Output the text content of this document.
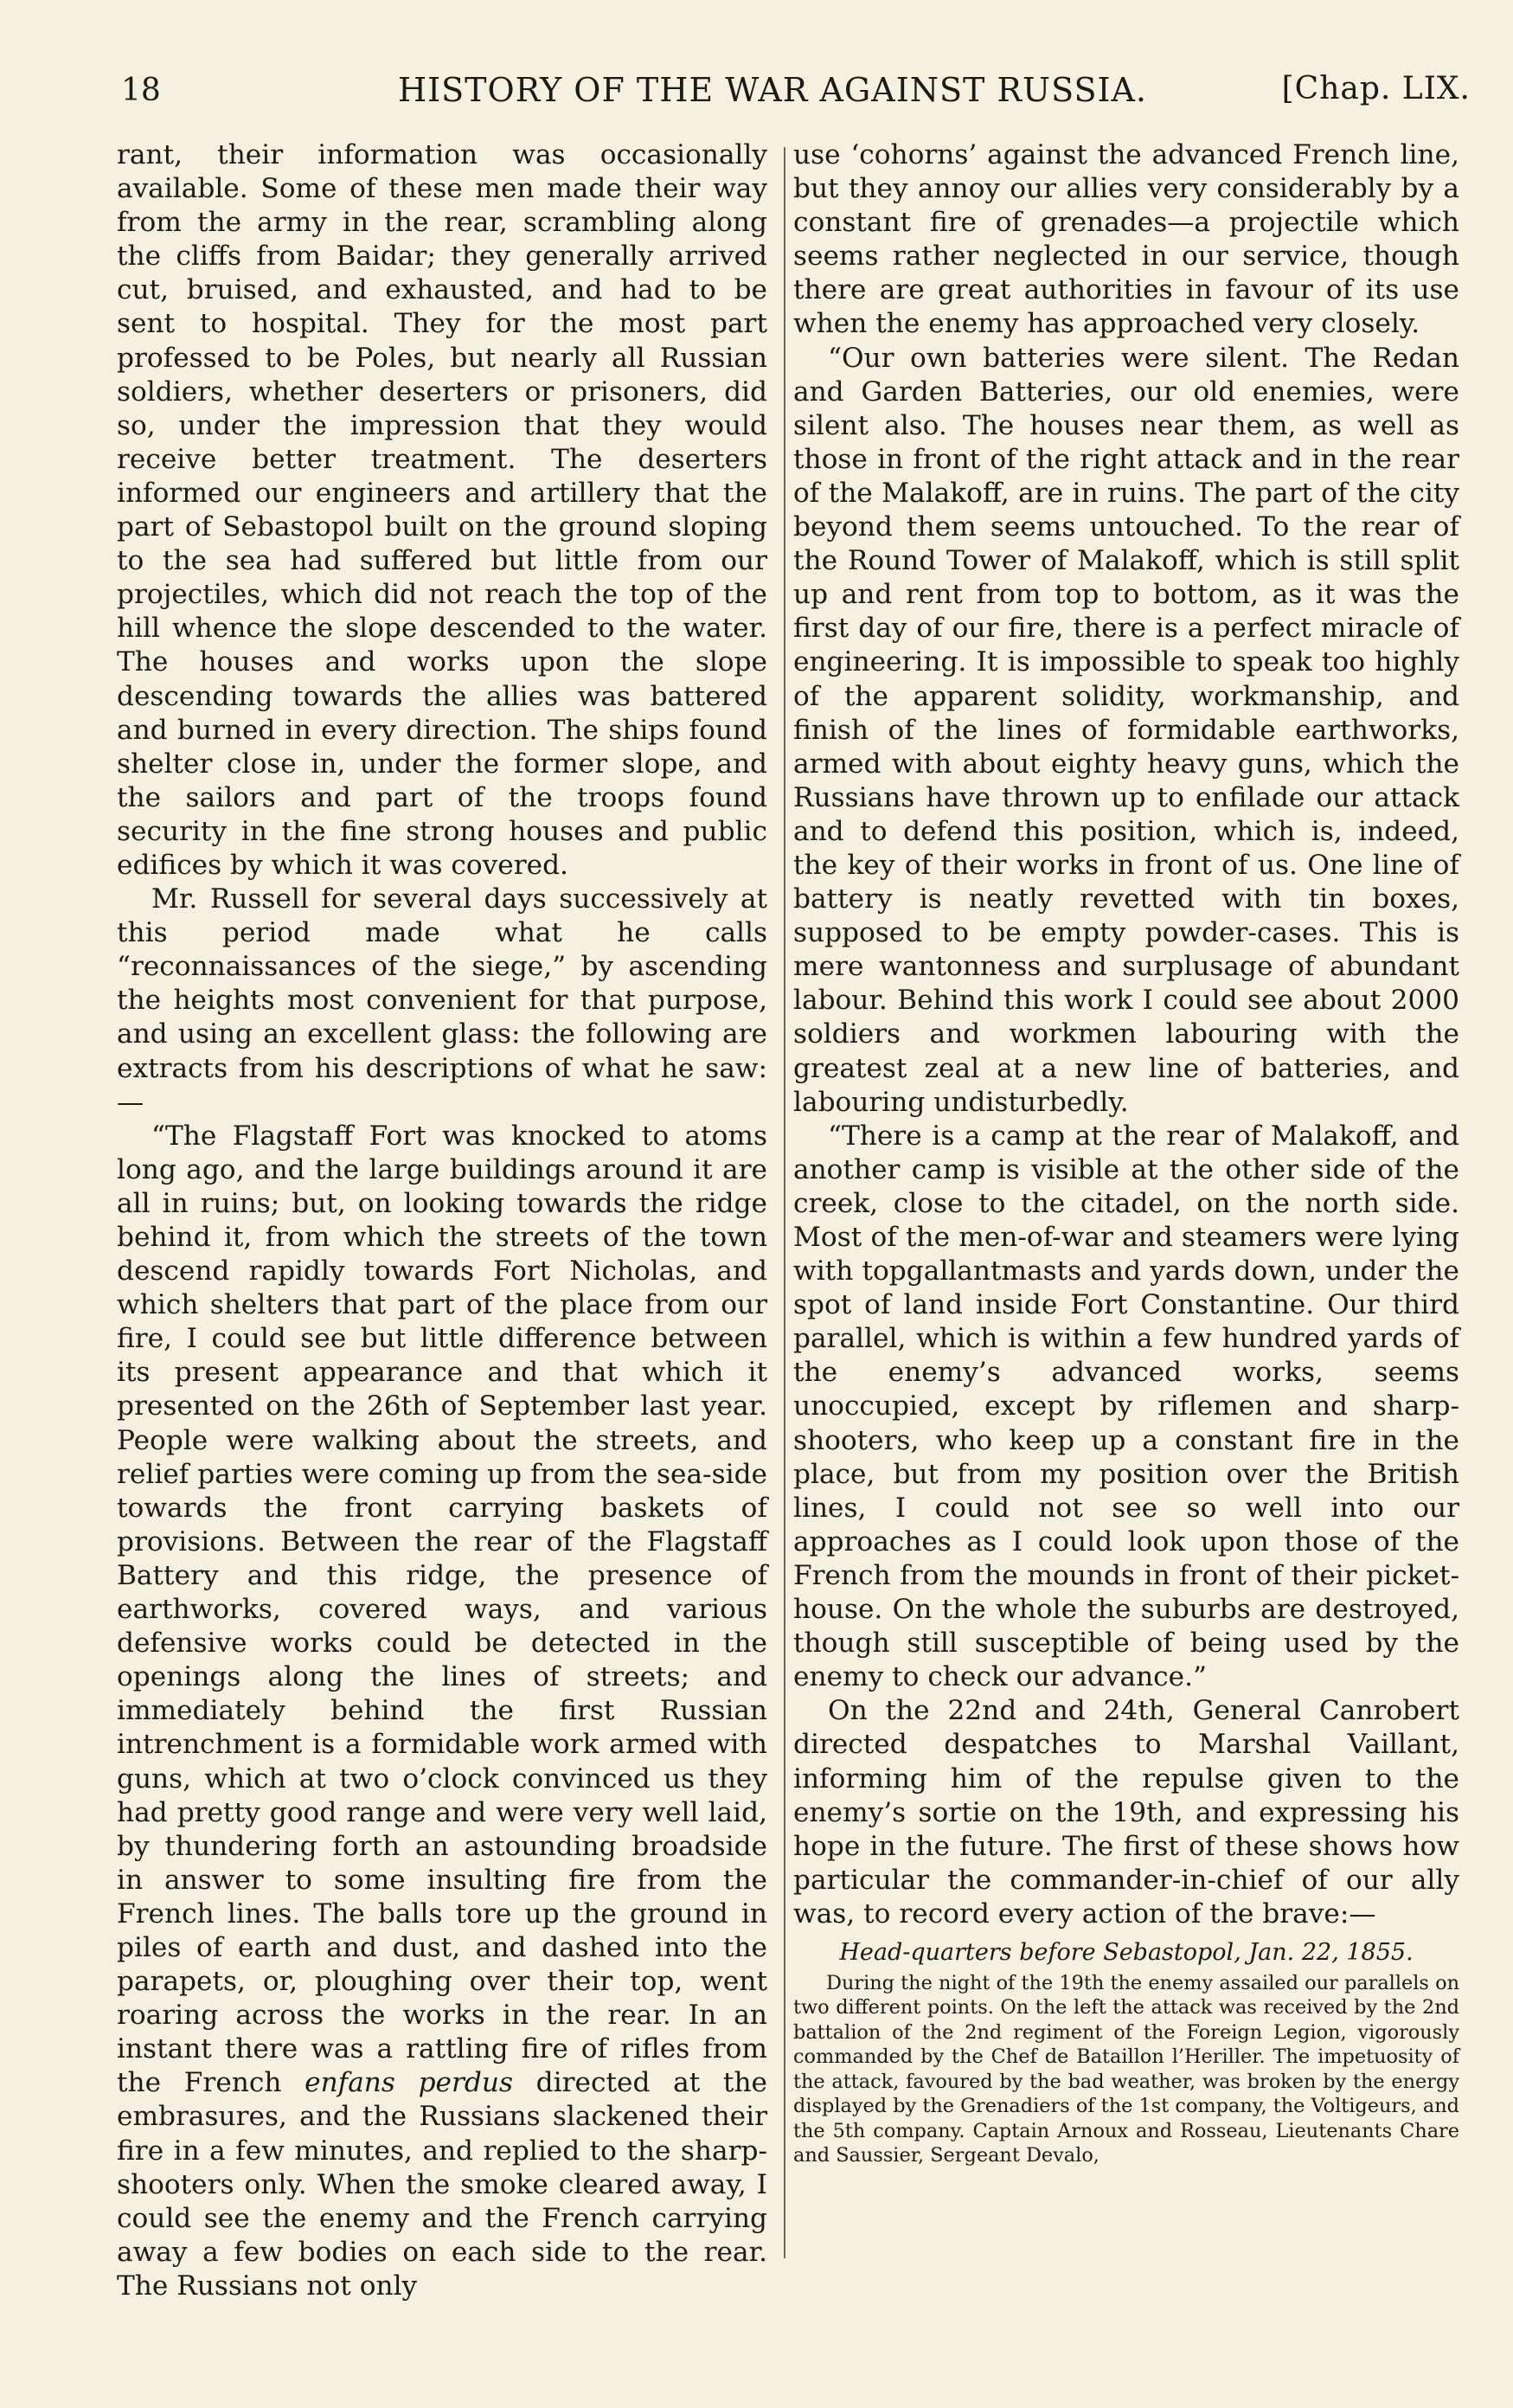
18	HISTORY OF THE WAR AGAINST RUSSIA.	[Chap. LIX.

rant, their information was occasionally available. Some of these men made their way from the army in the rear, scrambling along the cliffs from Baidar; they generally arrived cut, bruised, and exhausted, and had to be sent to hospital. They for the most part professed to be Poles, but nearly all Russian soldiers, whether deserters or prisoners, did so, under the impression that they would receive better treatment. The deserters informed our engineers and artillery that the part of Sebastopol built on the ground sloping to the sea had suffered but little from our projectiles, which did not reach the top of the hill whence the slope descended to the water. The houses and works upon the slope descending towards the allies was battered and burned in every direction. The ships found shelter close in, under the former slope, and the sailors and part of the troops found security in the fine strong houses and public edifices by which it was covered.

Mr. Russell for several days successively at this period made what he calls “reconnaissances of the siege,” by ascending the heights most convenient for that purpose, and using an excellent glass: the following are extracts from his descriptions of what he saw:—

“The Flagstaff Fort was knocked to atoms long ago, and the large buildings around it are all in ruins; but, on looking towards the ridge behind it, from which the streets of the town descend rapidly towards Fort Nicholas, and which shelters that part of the place from our fire, I could see but little difference between its present appearance and that which it presented on the 26th of September last year. People were walking about the streets, and relief parties were coming up from the sea-side towards the front carrying baskets of provisions. Between the rear of the Flagstaff Battery and this ridge, the presence of earthworks, covered ways, and various defensive works could be detected in the openings along the lines of streets; and immediately behind the first Russian intrenchment is a formidable work armed with guns, which at two o’clock convinced us they had pretty good range and were very well laid, by thundering forth an astounding broadside in answer to some insulting fire from the French lines. The balls tore up the ground in piles of earth and dust, and dashed into the parapets, or, ploughing over their top, went roaring across the works in the rear. In an instant there was a rattling fire of rifles from the French enfans perdus directed at the embrasures, and the Russians slackened their fire in a few minutes, and replied to the sharp-shooters only. When the smoke cleared away, I could see the enemy and the French carrying away a few bodies on each side to the rear. The Russians not only

use ‘cohorns’ against the advanced French line, but they annoy our allies very considerably by a constant fire of grenades—a projectile which seems rather neglected in our service, though there are great authorities in favour of its use when the enemy has approached very closely.

“Our own batteries were silent. The Redan and Garden Batteries, our old enemies, were silent also. The houses near them, as well as those in front of the right attack and in the rear of the Malakoff, are in ruins. The part of the city beyond them seems untouched. To the rear of the Round Tower of Malakoff, which is still split up and rent from top to bottom, as it was the first day of our fire, there is a perfect miracle of engineering. It is impossible to speak too highly of the apparent solidity, workmanship, and finish of the lines of formidable earthworks, armed with about eighty heavy guns, which the Russians have thrown up to enfilade our attack and to defend this position, which is, indeed, the key of their works in front of us. One line of battery is neatly revetted with tin boxes, supposed to be empty powder-cases. This is mere wantonness and surplusage of abundant labour. Behind this work I could see about 2000 soldiers and workmen labouring with the greatest zeal at a new line of batteries, and labouring undisturbedly.

“There is a camp at the rear of Malakoff, and another camp is visible at the other side of the creek, close to the citadel, on the north side. Most of the men-of-war and steamers were lying with topgallantmasts and yards down, under the spot of land inside Fort Constantine. Our third parallel, which is within a few hundred yards of the enemy’s advanced works, seems unoccupied, except by riflemen and sharp-shooters, who keep up a constant fire in the place, but from my position over the British lines, I could not see so well into our approaches as I could look upon those of the French from the mounds in front of their picket-house. On the whole the suburbs are destroyed, though still susceptible of being used by the enemy to check our advance.”

On the 22nd and 24th, General Canrobert directed despatches to Marshal Vaillant, informing him of the repulse given to the enemy’s sortie on the 19th, and expressing his hope in the future. The first of these shows how particular the commander-in-chief of our ally was, to record every action of the brave:—

Head-quarters before Sebastopol, Jan. 22, 1855.

During the night of the 19th the enemy assailed our parallels on two different points. On the left the attack was received by the 2nd battalion of the 2nd regiment of the Foreign Legion, vigorously commanded by the Chef de Bataillon l’Heriller. The impetuosity of the attack, favoured by the bad weather, was broken by the energy displayed by the Grenadiers of the 1st company, the Voltigeurs, and the 5th company. Captain Arnoux and Rosseau, Lieutenants Chare and Saussier, Sergeant Devalo,
